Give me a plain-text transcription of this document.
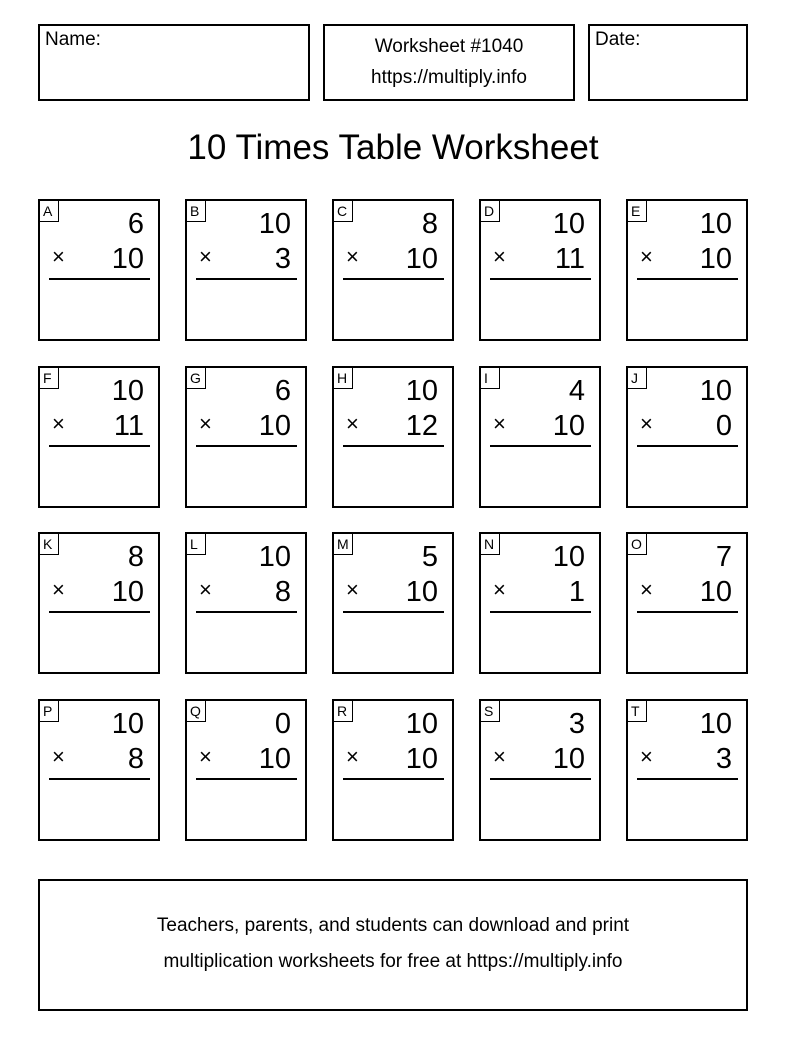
Name:	Worksheet #1040
https://multiply.info
Date:
10 Times Table Worksheet
A	6
× 10
B 10
× 3
C	8
× 10
D 10
× 11
E 10
× 10
F 10
× 11
G	6
× 10
H 10
× 12
I	4
× 10
J	10
× 0
K	8
× 10
L 10
× 8
M	5
× 10
N 10
× 1
O	7
× 10
P 10
× 8
Q	0
× 10
R 10
× 10
S	3
× 10
T 10
× 3
Teachers, parents, and students can download and print
multiplication worksheets for free at https://multiply.info
